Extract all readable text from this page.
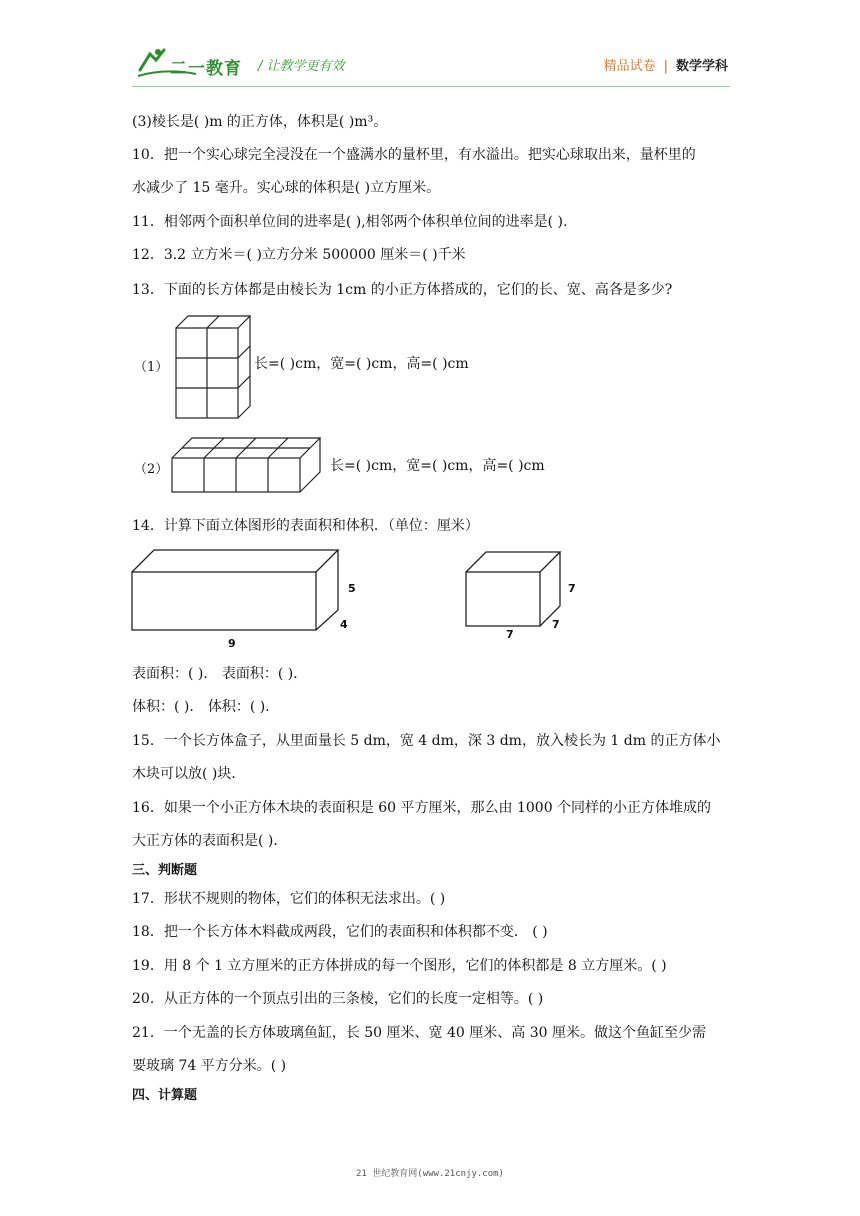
二一教育 / 让教学更有效	精品试卷 | 数学学科
(3)棱长是( )m 的正方体，体积是( )m³。
10．把一个实心球完全浸没在一个盛满水的量杯里，有水溢出。把实心球取出来，量杯里的
水减少了 15 毫升。实心球的体积是( )立方厘米。
11．相邻两个面积单位间的进率是( ),相邻两个体积单位间的进率是( ).
12．3.2 立方米＝( )立方分米 500000 厘米＝( )千米
13．下面的长方体都是由棱长为 1cm 的小正方体搭成的，它们的长、宽、高各是多少?
（1）	长=( )cm，宽=( )cm，高=( )cm
（2）	长=( )cm，宽=( )cm，高=( )cm
14．计算下面立体图形的表面积和体积．（单位：厘米）
5
4
9
7
7
7
表面积：( )． 表面积：( )．
体积：( )． 体积：( )．
15．一个长方体盒子，从里面量长 5 dm，宽 4 dm，深 3 dm，放入棱长为 1 dm 的正方体小
木块可以放( )块．
16．如果一个小正方体木块的表面积是 60 平方厘米，那么由 1000 个同样的小正方体堆成的
大正方体的表面积是( )．
三、判断题
17．形状不规则的物体，它们的体积无法求出。( )
18．把一个长方体木料截成两段，它们的表面积和体积都不变． ( )
19．用 8 个 1 立方厘米的正方体拼成的每一个图形，它们的体积都是 8 立方厘米。( )
20．从正方体的一个顶点引出的三条棱，它们的长度一定相等。( )
21．一个无盖的长方体玻璃鱼缸，长 50 厘米、宽 40 厘米、高 30 厘米。做这个鱼缸至少需
要玻璃 74 平方分米。( )
四、计算题
21 世纪教育网(www.21cnjy.com)
